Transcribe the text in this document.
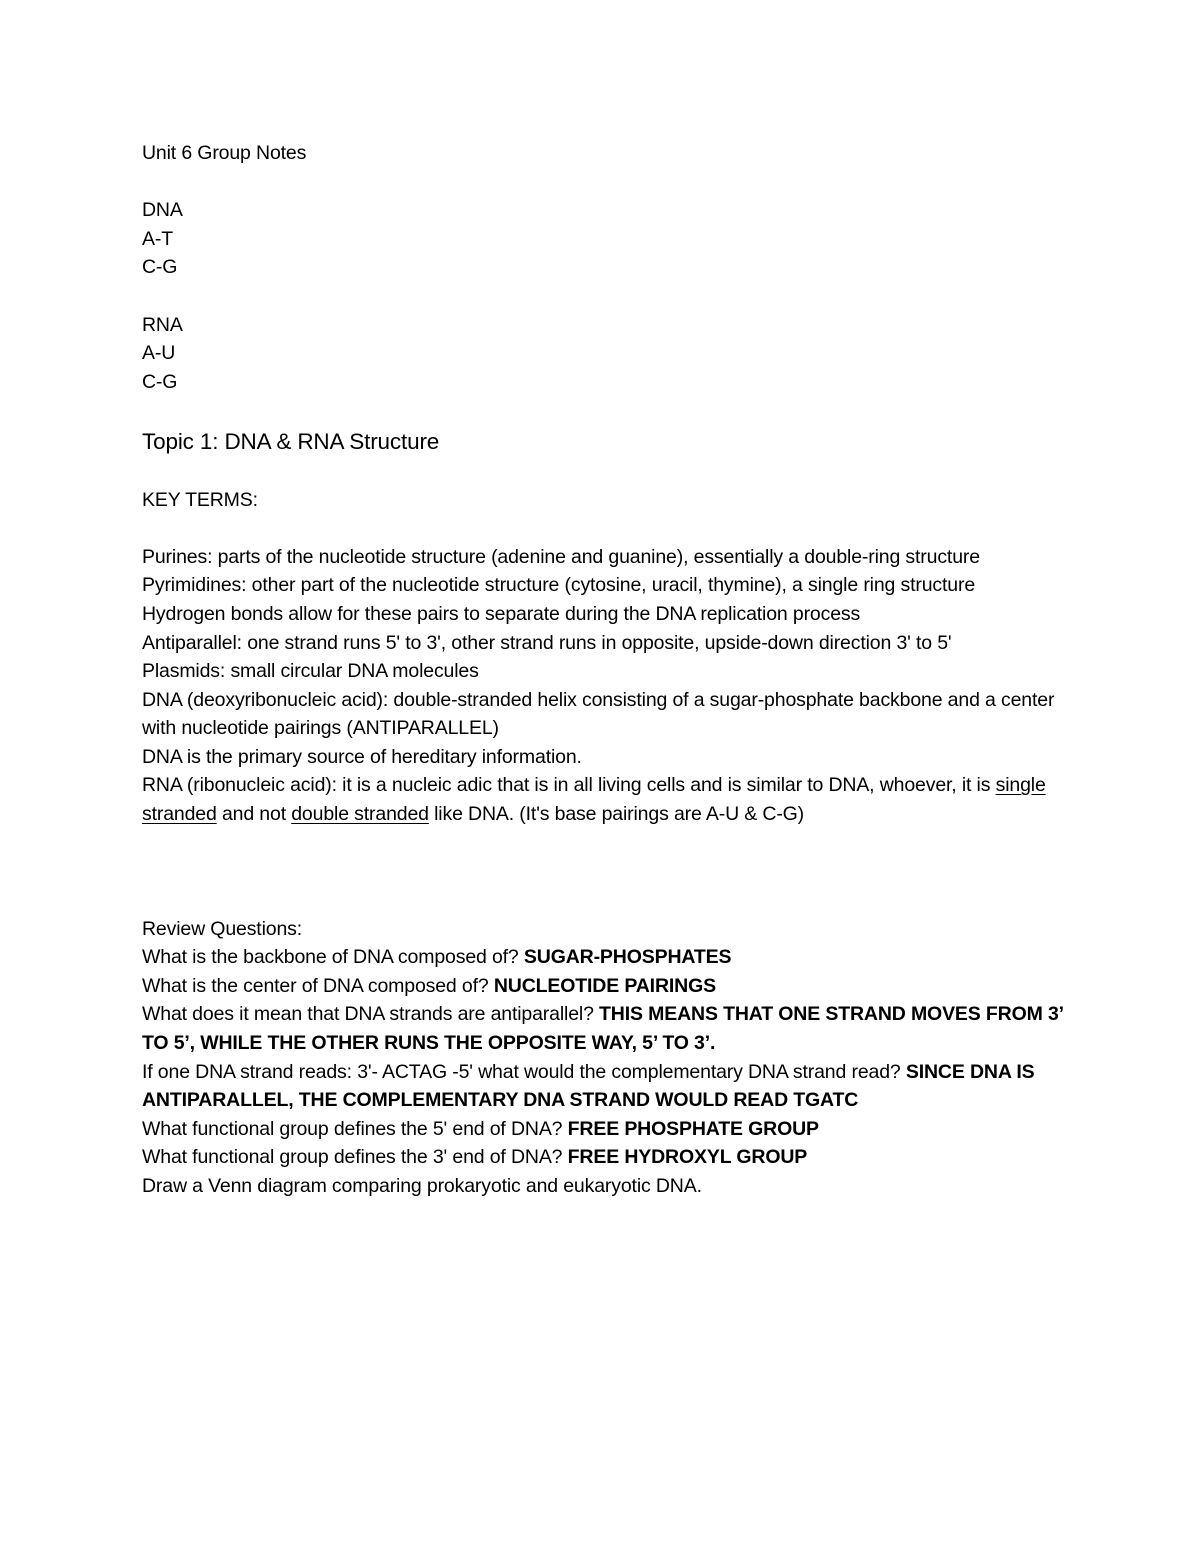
Unit 6 Group Notes
DNA
A-T
C-G
RNA
A-U
C-G
Topic 1: DNA & RNA Structure
KEY TERMS:
Purines: parts of the nucleotide structure (adenine and guanine), essentially a double-ring structure
Pyrimidines: other part of the nucleotide structure (cytosine, uracil, thymine), a single ring structure
Hydrogen bonds allow for these pairs to separate during the DNA replication process
Antiparallel: one strand runs 5' to 3', other strand runs in opposite, upside-down direction 3' to 5'
Plasmids: small circular DNA molecules
DNA (deoxyribonucleic acid): double-stranded helix consisting of a sugar-phosphate backbone and a center with nucleotide pairings (ANTIPARALLEL)
DNA is the primary source of hereditary information.
RNA (ribonucleic acid): it is a nucleic adic that is in all living cells and is similar to DNA, whoever, it is single stranded and not double stranded like DNA. (It's base pairings are A-U & C-G)
Review Questions:
What is the backbone of DNA composed of? SUGAR-PHOSPHATES
What is the center of DNA composed of? NUCLEOTIDE PAIRINGS
What does it mean that DNA strands are antiparallel? THIS MEANS THAT ONE STRAND MOVES FROM 3’ TO 5’, WHILE THE OTHER RUNS THE OPPOSITE WAY, 5’ TO 3’.
If one DNA strand reads: 3'- ACTAG -5' what would the complementary DNA strand read? SINCE DNA IS ANTIPARALLEL, THE COMPLEMENTARY DNA STRAND WOULD READ TGATC
What functional group defines the 5' end of DNA? FREE PHOSPHATE GROUP
What functional group defines the 3' end of DNA? FREE HYDROXYL GROUP
Draw a Venn diagram comparing prokaryotic and eukaryotic DNA.
